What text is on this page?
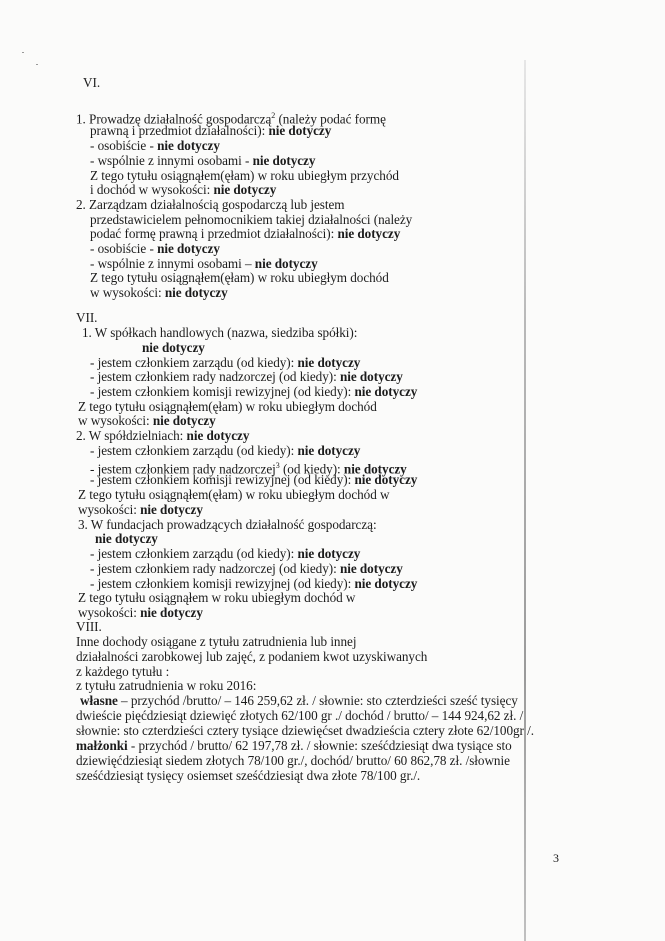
VI.
1. Prowadzę działalność gospodarczą$^2$ (należy podać formę
prawną i przedmiot działalności): nie dotyczy
- osobiście - nie dotyczy
- wspólnie z innymi osobami - nie dotyczy
Z tego tytułu osiągnąłem(ęłam) w roku ubiegłym przychód
i dochód w wysokości: nie dotyczy
2. Zarządzam działalnością gospodarczą lub jestem
przedstawicielem pełnomocnikiem takiej działalności (należy
podać formę prawną i przedmiot działalności): nie dotyczy
- osobiście - nie dotyczy
- wspólnie z innymi osobami – nie dotyczy
Z tego tytułu osiągnąłem(ęłam) w roku ubiegłym dochód
w wysokości: nie dotyczy
VII.
1. W spółkach handlowych (nazwa, siedziba spółki):
nie dotyczy
- jestem członkiem zarządu (od kiedy): nie dotyczy
- jestem członkiem rady nadzorczej (od kiedy): nie dotyczy
- jestem członkiem komisji rewizyjnej (od kiedy): nie dotyczy
Z tego tytułu osiągnąłem(ęłam) w roku ubiegłym dochód
w wysokości: nie dotyczy
2. W spółdzielniach: nie dotyczy
- jestem członkiem zarządu (od kiedy): nie dotyczy
- jestem członkiem rady nadzorczej$^3$ (od kiedy): nie dotyczy
- jestem członkiem komisji rewizyjnej (od kiedy): nie dotyczy
Z tego tytułu osiągnąłem(ęłam) w roku ubiegłym dochód w
wysokości: nie dotyczy
3. W fundacjach prowadzących działalność gospodarczą:
nie dotyczy
- jestem członkiem zarządu (od kiedy): nie dotyczy
- jestem członkiem rady nadzorczej (od kiedy): nie dotyczy
- jestem członkiem komisji rewizyjnej (od kiedy): nie dotyczy
Z tego tytułu osiągnąłem w roku ubiegłym dochód w
wysokości: nie dotyczy
VIII.
Inne dochody osiągane z tytułu zatrudnienia lub innej
działalności zarobkowej lub zajęć, z podaniem kwot uzyskiwanych
z każdego tytułu :
z tytułu zatrudnienia w roku 2016:
własne – przychód /brutto/ – 146 259,62 zł. / słownie: sto czterdzieści sześć tysięcy
dwieście pięćdziesiąt dziewięć złotych 62/100 gr ./ dochód / brutto/ – 144 924,62 zł. /
słownie: sto czterdzieści cztery tysiące dziewięćset dwadzieścia cztery złote 62/100gr /.
małżonki - przychód / brutto/ 62 197,78 zł. / słownie: sześćdziesiąt dwa tysiące sto
dziewięćdziesiąt siedem złotych 78/100 gr./, dochód/ brutto/ 60 862,78 zł. /słownie
sześćdziesiąt tysięcy osiemset sześćdziesiąt dwa złote 78/100 gr./.
3
